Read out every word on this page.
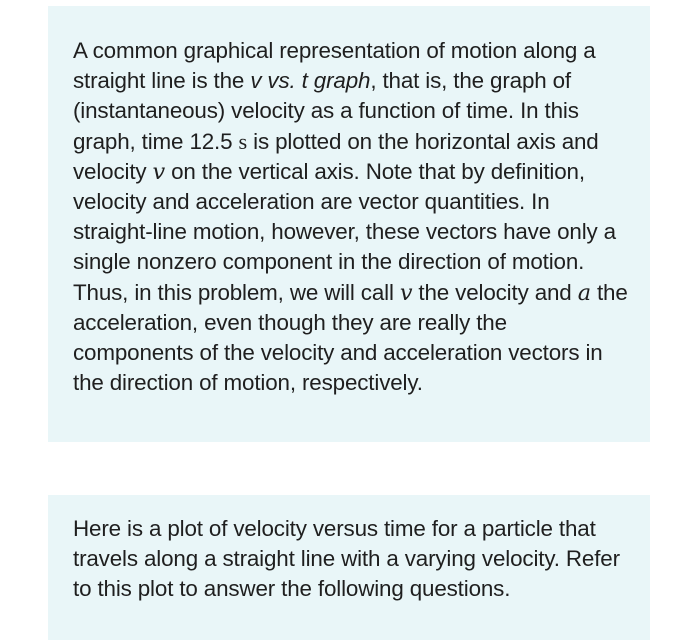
A common graphical representation of motion along a straight line is the v vs. t graph, that is, the graph of (instantaneous) velocity as a function of time. In this graph, time 12.5 s is plotted on the horizontal axis and velocity v on the vertical axis. Note that by definition, velocity and acceleration are vector quantities. In straight-line motion, however, these vectors have only a single nonzero component in the direction of motion. Thus, in this problem, we will call v the velocity and a the acceleration, even though they are really the components of the velocity and acceleration vectors in the direction of motion, respectively.

Here is a plot of velocity versus time for a particle that travels along a straight line with a varying velocity. Refer to this plot to answer the following questions.
